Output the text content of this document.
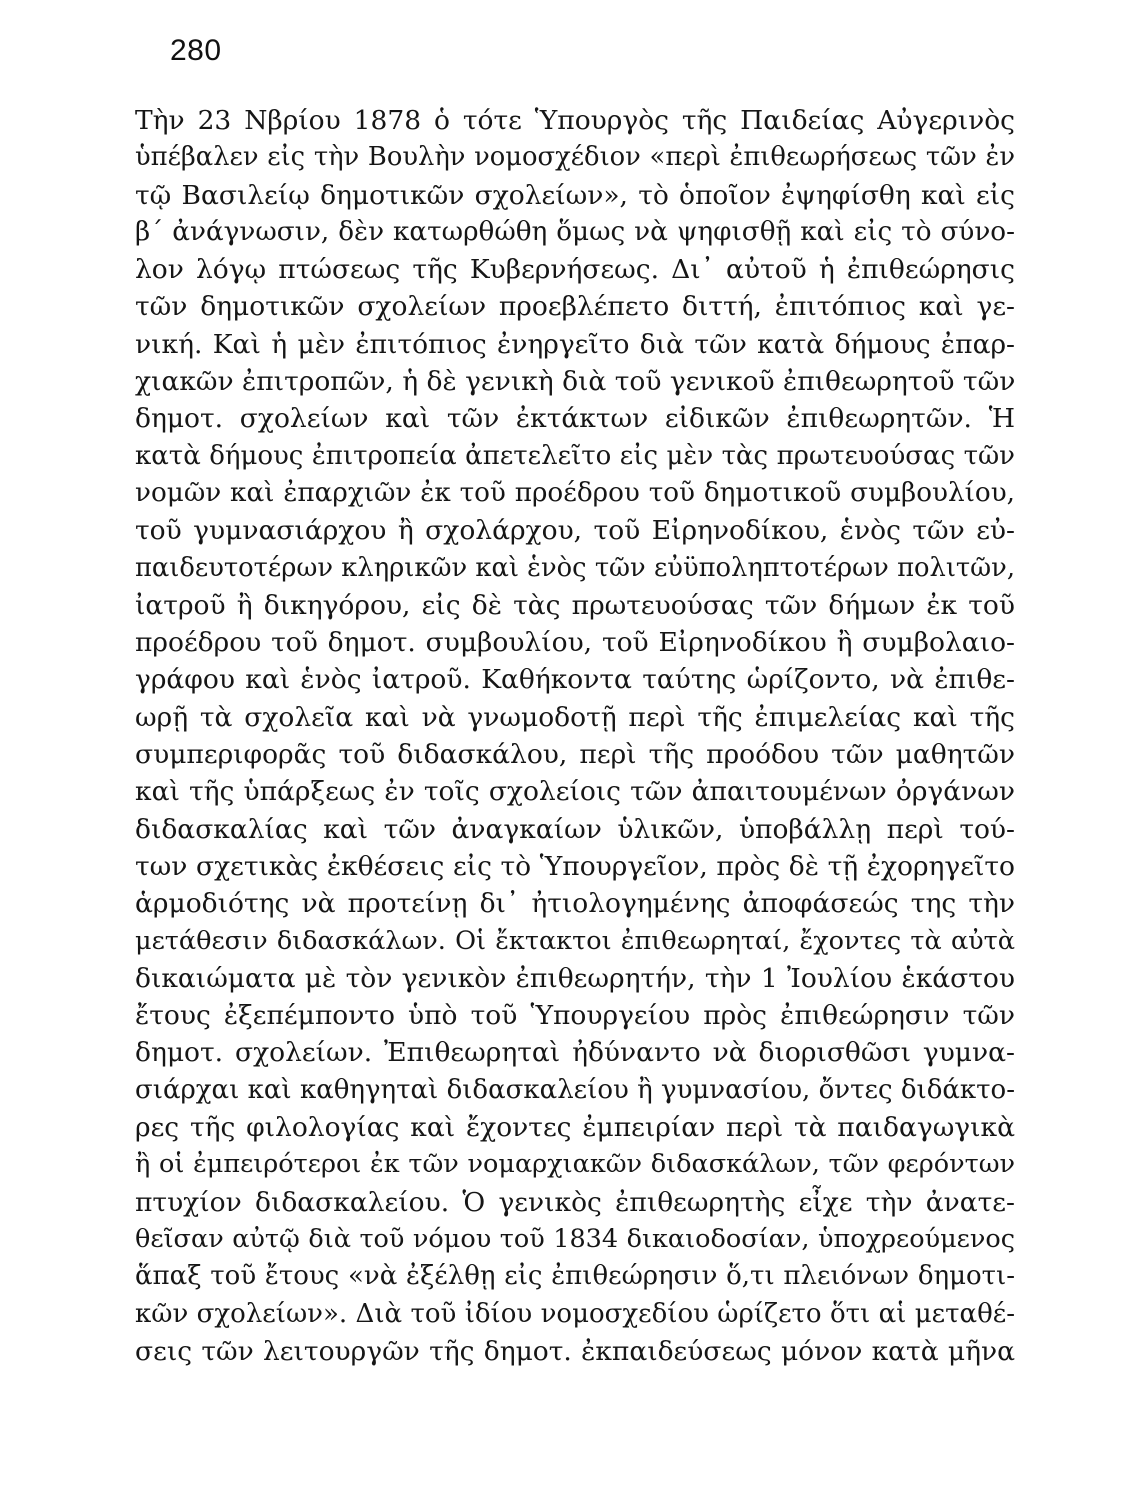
280
Τὴν 23 Νβρίου 1878 ὁ τότε Ὑπουργὸς τῆς Παιδείας Αὐγερινὸς
ὑπέβαλεν εἰς τὴν Βουλὴν νομοσχέδιον «περὶ ἐπιθεωρήσεως τῶν ἐν
τῷ Βασιλείῳ δημοτικῶν σχολείων», τὸ ὁποῖον ἐψηφίσθη καὶ εἰς
β΄ ἀνάγνωσιν, δὲν κατωρθώθη ὅμως νὰ ψηφισθῇ καὶ εἰς τὸ σύνο-
λον λόγῳ πτώσεως τῆς Κυβερνήσεως. Δι᾿ αὐτοῦ ἡ ἐπιθεώρησις
τῶν δημοτικῶν σχολείων προεβλέπετο διττή, ἐπιτόπιος καὶ γε-
νική. Καὶ ἡ μὲν ἐπιτόπιος ἐνηργεῖτο διὰ τῶν κατὰ δήμους ἐπαρ-
χιακῶν ἐπιτροπῶν, ἡ δὲ γενικὴ διὰ τοῦ γενικοῦ ἐπιθεωρητοῦ τῶν
δημοτ. σχολείων καὶ τῶν ἐκτάκτων εἰδικῶν ἐπιθεωρητῶν. Ἡ
κατὰ δήμους ἐπιτροπεία ἀπετελεῖτο εἰς μὲν τὰς πρωτευούσας τῶν
νομῶν καὶ ἐπαρχιῶν ἐκ τοῦ προέδρου τοῦ δημοτικοῦ συμβουλίου,
τοῦ γυμνασιάρχου ἢ σχολάρχου, τοῦ Εἰρηνοδίκου, ἑνὸς τῶν εὐ-
παιδευτοτέρων κληρικῶν καὶ ἑνὸς τῶν εὐϋποληπτοτέρων πολιτῶν,
ἰατροῦ ἢ δικηγόρου, εἰς δὲ τὰς πρωτευούσας τῶν δήμων ἐκ τοῦ
προέδρου τοῦ δημοτ. συμβουλίου, τοῦ Εἰρηνοδίκου ἢ συμβολαιο-
γράφου καὶ ἑνὸς ἰατροῦ. Καθήκοντα ταύτης ὡρίζοντο, νὰ ἐπιθε-
ωρῇ τὰ σχολεῖα καὶ νὰ γνωμοδοτῇ περὶ τῆς ἐπιμελείας καὶ τῆς
συμπεριφορᾶς τοῦ διδασκάλου, περὶ τῆς προόδου τῶν μαθητῶν
καὶ τῆς ὑπάρξεως ἐν τοῖς σχολείοις τῶν ἀπαιτουμένων ὀργάνων
διδασκαλίας καὶ τῶν ἀναγκαίων ὑλικῶν, ὑποβάλλῃ περὶ τού-
των σχετικὰς ἐκθέσεις εἰς τὸ Ὑπουργεῖον, πρὸς δὲ τῇ ἐχορηγεῖτο
ἁρμοδιότης νὰ προτείνῃ δι᾿ ἠτιολογημένης ἀποφάσεώς της τὴν
μετάθεσιν διδασκάλων. Οἱ ἔκτακτοι ἐπιθεωρηταί, ἔχοντες τὰ αὐτὰ
δικαιώματα μὲ τὸν γενικὸν ἐπιθεωρητήν, τὴν 1 Ἰουλίου ἑκάστου
ἔτους ἐξεπέμποντο ὑπὸ τοῦ Ὑπουργείου πρὸς ἐπιθεώρησιν τῶν
δημοτ. σχολείων. Ἐπιθεωρηταὶ ἠδύναντο νὰ διορισθῶσι γυμνα-
σιάρχαι καὶ καθηγηταὶ διδασκαλείου ἢ γυμνασίου, ὄντες διδάκτο-
ρες τῆς φιλολογίας καὶ ἔχοντες ἐμπειρίαν περὶ τὰ παιδαγωγικὰ
ἢ οἱ ἐμπειρότεροι ἐκ τῶν νομαρχιακῶν διδασκάλων, τῶν φερόντων
πτυχίον διδασκαλείου. Ὁ γενικὸς ἐπιθεωρητὴς εἶχε τὴν ἀνατε-
θεῖσαν αὐτῷ διὰ τοῦ νόμου τοῦ 1834 δικαιοδοσίαν, ὑποχρεούμενος
ἅπαξ τοῦ ἔτους «νὰ ἐξέλθῃ εἰς ἐπιθεώρησιν ὅ,τι πλειόνων δημοτι-
κῶν σχολείων». Διὰ τοῦ ἰδίου νομοσχεδίου ὡρίζετο ὅτι αἱ μεταθέ-
σεις τῶν λειτουργῶν τῆς δημοτ. ἐκπαιδεύσεως μόνον κατὰ μῆνα
